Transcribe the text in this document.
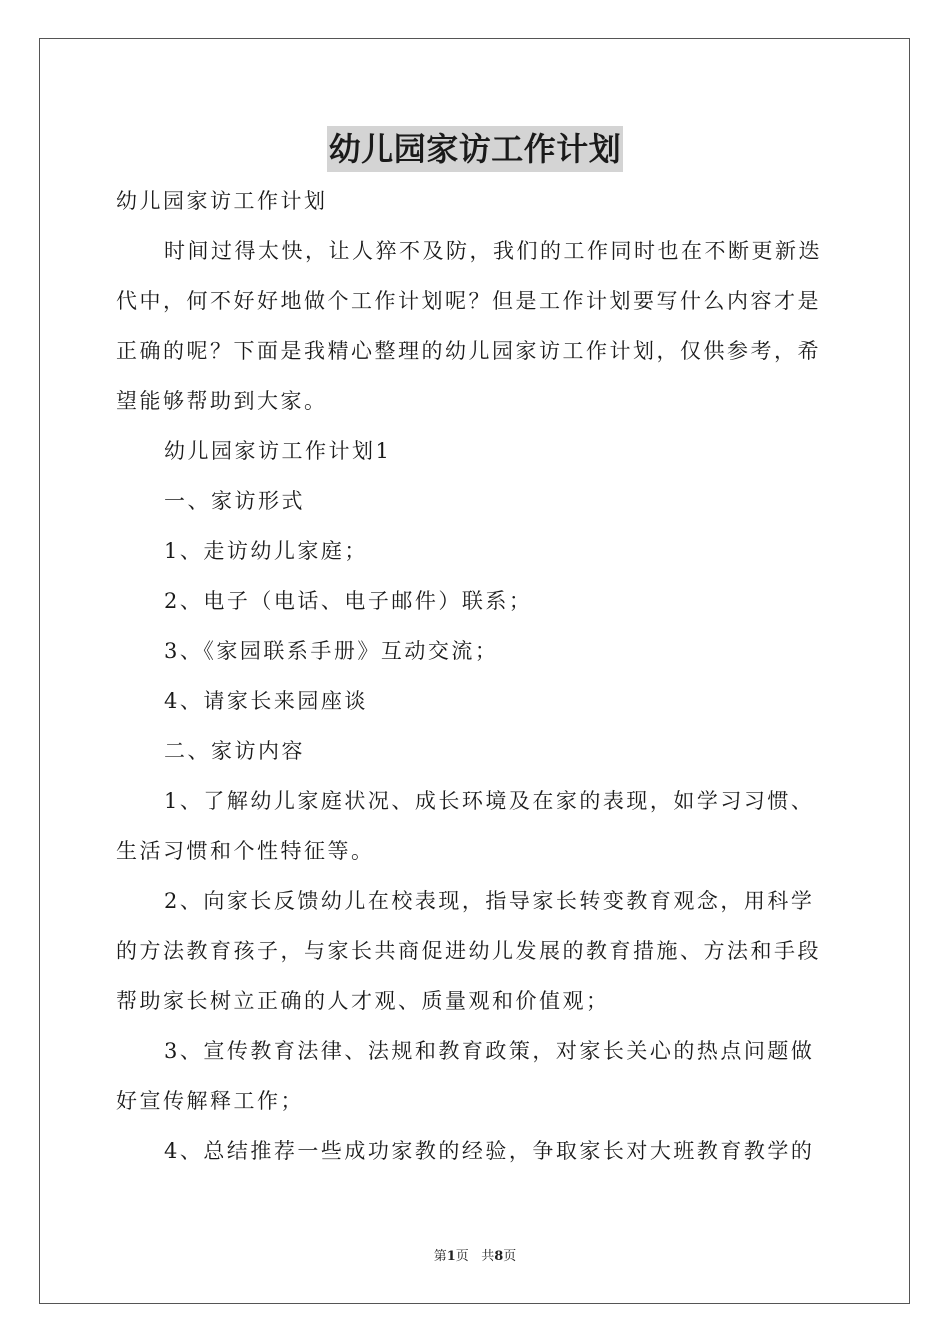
幼儿园家访工作计划

幼儿园家访工作计划

时间过得太快，让人猝不及防，我们的工作同时也在不断更新迭

代中，何不好好地做个工作计划呢？但是工作计划要写什么内容才是

正确的呢？下面是我精心整理的幼儿园家访工作计划，仅供参考，希

望能够帮助到大家。

幼儿园家访工作计划1

一、家访形式

1、走访幼儿家庭；

2、电子（电话、电子邮件）联系；

3、《家园联系手册》互动交流；

4、请家长来园座谈

二、家访内容

1、了解幼儿家庭状况、成长环境及在家的表现，如学习习惯、

生活习惯和个性特征等。

2、向家长反馈幼儿在校表现，指导家长转变教育观念，用科学

的方法教育孩子，与家长共商促进幼儿发展的教育措施、方法和手段

帮助家长树立正确的人才观、质量观和价值观；

3、宣传教育法律、法规和教育政策，对家长关心的热点问题做

好宣传解释工作；

4、总结推荐一些成功家教的经验，争取家长对大班教育教学的

第1页 共8页
